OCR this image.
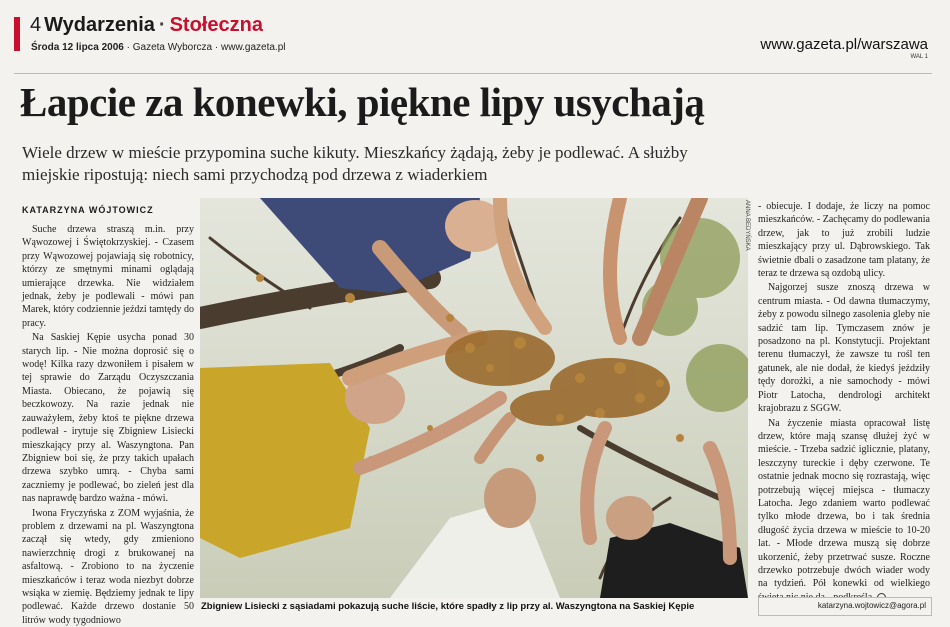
4 Wydarzenia · Stołeczna
Środa 12 lipca 2006 · Gazeta Wyborcza · www.gazeta.pl	www.gazeta.pl/warszawa
WAL 1
Łapcie za konewki, piękne lipy usychają
Wiele drzew w mieście przypomina suche kikuty. Mieszkańcy żądają, żeby je podlewać. A służby miejskie ripostują: niech sami przychodzą pod drzewa z wiaderkiem
KATARZYNA WÓJTOWICZ

Suche drzewa straszą m.in. przy Wąwozowej i Świętokrzyskiej. - Czasem przy Wąwozowej pojawiają się robotnicy, którzy ze smętnymi minami oglądają umierające drzewka. Nie widziałem jednak, żeby je podlewali - mówi pan Marek, który codziennie jeździ tamtędy do pracy.

Na Saskiej Kępie usycha ponad 30 starych lip. - Nie można doprosić się o wodę! Kilka razy dzwoniłem i pisałem w tej sprawie do Zarządu Oczyszczania Miasta. Obiecano, że pojawią się beczkowozy. Na razie jednak nie zauważyłem, żeby ktoś te piękne drzewa podlewał - irytuje się Zbigniew Lisiecki mieszkający przy al. Waszyngtona. Pan Zbigniew boi się, że przy takich upałach drzewa szybko umrą. - Chyba sami zaczniemy je podlewać, bo zieleń jest dla nas naprawdę bardzo ważna - mówi.

Iwona Fryczyńska z ZOM wyjaśnia, że problem z drzewami na pl. Waszyngtona zaczął się wtedy, gdy zmieniono nawierzchnię drogi z brukowanej na asfaltową. - Zrobiono to na życzenie mieszkańców i teraz woda niezbyt dobrze wsiąka w ziemię. Będziemy jednak te lipy podlewać. Każde drzewo dostanie 50 litrów wody tygodniowo

ANNA BEDYŃSKA
Zbigniew Lisiecki z sąsiadami pokazują suche liście, które spadły z lip przy al. Waszyngtona na Saskiej Kępie

- obiecuje. I dodaje, że liczy na pomoc mieszkańców. - Zachęcamy do podlewania drzew, jak to już zrobili ludzie mieszkający przy ul. Dąbrowskiego. Tak świetnie dbali o zasadzone tam platany, że teraz te drzewa są ozdobą ulicy.

Najgorzej susze znoszą drzewa w centrum miasta. - Od dawna tłumaczymy, żeby z powodu silnego zasolenia gleby nie sadzić tam lip. Tymczasem znów je posadzono na pl. Konstytucji. Projektant terenu tłumaczył, że zawsze tu rośl ten gatunek, ale nie dodał, że kiedyś jeździły tędy dorożki, a nie samochody - mówi Piotr Latocha, dendrologi architekt krajobrazu z SGGW.

Na życzenie miasta opracował listę drzew, które mają szansę dłużej żyć w mieście. - Trzeba sadzić iglicznie, platany, leszczyny tureckie i dęby czerwone. Te ostatnie jednak mocno się rozrastają, więc potrzebują więcej miejsca - tłumaczy Latocha. Jego zdaniem warto podlewać tylko młode drzewa, bo i tak średnia długość życia drzewa w mieście to 10-20 lat. - Młode drzewa muszą się dobrze ukorzenić, żeby przetrwać susze. Roczne drzewko potrzebuje dwóch wiader wody na tydzień. Pół konewki od wielkiego

katarzyna.wojtowicz@agora.pl
